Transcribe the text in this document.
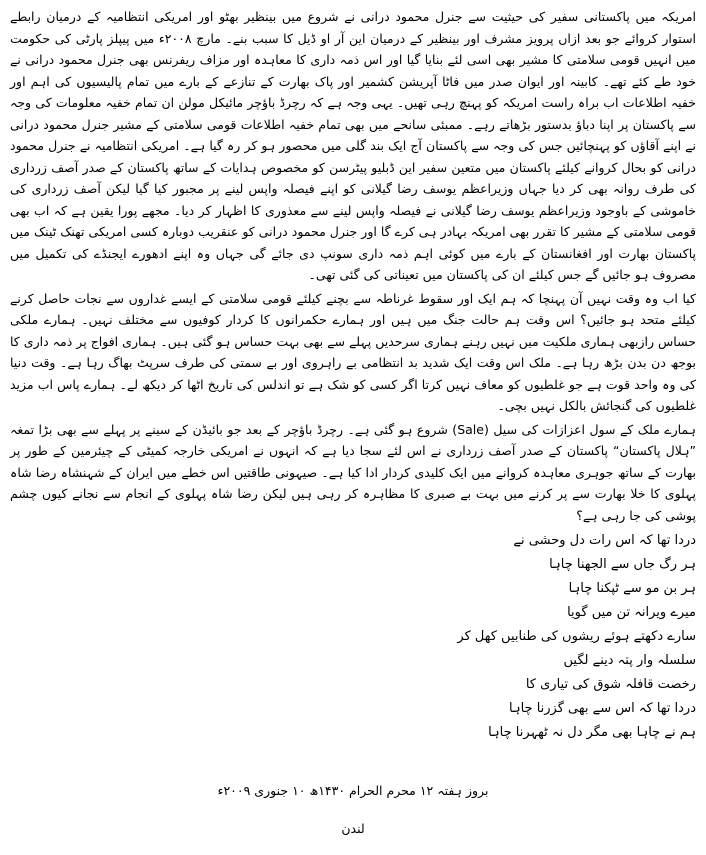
امریکہ میں پاکستانی سفیر کی حیثیت سے جنرل محمود درانی نے شروع میں بینظیر بھٹو اور امریکی انتظامیہ کے درمیان رابطے استوار کروائے جو بعد ازاں پرویز مشرف اور بینظیر کے درمیان این آر او ڈیل کا سبب بنے۔ مارچ ۲۰۰۸ء میں پیپلز پارٹی کی حکومت میں انہیں قومی سلامتی کا مشیر بھی اسی لئے بنایا گیا اور اس ذمہ داری کا معاہدہ اور مزاف ریفرنس بھی جنرل محمود درانی نے خود طے کئے تھے۔ کابینہ اور ایوان صدر میں فاٹا آپریشن کشمیر اور پاک بھارت کے تنازعے کے بارے میں تمام پالیسیوں کی اہم اور خفیہ اطلاعات اب براہ راست امریکہ کو پہنچ رہی تھیں۔ یہی وجہ ہے کہ رچرڈ باؤچر مائیکل مولن ان تمام خفیہ معلومات کی وجہ سے پاکستان پر اپنا دباؤ بدستور بڑھاتے رہے۔ ممبئی سانحے میں بھی تمام خفیہ اطلاعات قومی سلامتی کے مشیر جنرل محمود درانی نے اپنے آقاؤں کو پہنچائیں جس کی وجہ سے پاکستان آج ایک بند گلی میں محصور ہو کر رہ گیا ہے۔ امریکی انتظامیہ نے جنرل محمود درانی کو بحال کروانے کیلئے پاکستان میں متعین سفیر این ڈبلیو پیٹرسن کو مخصوص ہدایات کے ساتھ پاکستان کے صدر آصف زرداری کی طرف روانہ بھی کر دیا جہاں وزیراعظم یوسف رضا گیلانی کو اپنے فیصلہ واپس لینے پر مجبور کیا گیا لیکن آصف زرداری کی خاموشی کے باوجود وزیراعظم یوسف رضا گیلانی نے فیصلہ واپس لینے سے معذوری کا اظہار کر دیا۔ مجھے پورا یقین ہے کہ اب بھی قومی سلامتی کے مشیر کا تقرر بھی امریکہ بہادر ہی کرے گا اور جنرل محمود درانی کو عنقریب دوبارہ کسی امریکی تھنک ٹینک میں پاکستان بھارت اور افغانستان کے بارے میں کوئی اہم ذمہ داری سونپ دی جائے گی جہاں وہ اپنے ادھورے ایجنڈے کی تکمیل میں مصروف ہو جائیں گے جس کیلئے ان کی پاکستان میں تعیناتی کی گئی تھی۔

کیا اب وہ وقت نہیں آن پہنچا کہ ہم ایک اور سقوط غرناطہ سے بچنے کیلئے قومی سلامتی کے ایسے غداروں سے نجات حاصل کرنے کیلئے متحد ہو جائیں؟ اس وقت ہم حالت جنگ میں ہیں اور ہمارے حکمرانوں کا کردار کوفیوں سے مختلف نہیں۔ ہمارے ملکی حساس رازبھی ہماری ملکیت میں نہیں رہنے ہماری سرحدیں پہلے سے بھی بہت حساس ہو گئی ہیں۔ ہماری افواج پر ذمہ داری کا بوجھ دن بدن بڑھ رہا ہے۔ ملک اس وقت ایک شدید بد انتظامی بے راہروی اور بے سمتی کی طرف سرپٹ بھاگ رہا ہے۔ وقت دنیا کی وہ واحد قوت ہے جو غلطیوں کو معاف نہیں کرتا اگر کسی کو شک ہے تو اندلس کی تاریخ اٹھا کر دیکھ لے۔ ہمارے پاس اب مزید غلطیوں کی گنجائش بالکل نہیں بچی۔

ہمارے ملک کے سول اعزازات کی سیل (Sale) شروع ہو گئی ہے۔ رچرڈ باؤچر کے بعد جو بائیڈن کے سینے پر پہلے سے بھی بڑا تمغہ ”ہلال پاکستان“ پاکستان کے صدر آصف زرداری نے اس لئے سجا دیا ہے کہ انہوں نے امریکی خارجہ کمیٹی کے چیئرمین کے طور پر بھارت کے ساتھ جوہری معاہدہ کروانے میں ایک کلیدی کردار ادا کیا ہے۔ صیہونی طاقتیں اس خطے میں ایران کے شہنشاہ رضا شاہ پہلوی کا خلا بھارت سے پر کرنے میں بہت بے صبری کا مظاہرہ کر رہی ہیں لیکن رضا شاہ پہلوی کے انجام سے نجانے کیوں چشم پوشی کی جا رہی ہے؟

دردا تھا کہ اس رات دل وحشی نے
ہر رگ جاں سے الجھنا چاہا
ہر بن مو سے ٹپکنا چاہا
میرے ویرانہ تن میں گویا
سارے دکھتے ہوئے ریشوں کی طنابیں کھل کر
سلسلہ وار پتہ دینے لگیں
رخصت قافلہ شوق کی تیاری کا
دردا تھا کہ اس سے بھی گزرنا چاہا
ہم نے چاہا بھی مگر دل نہ ٹھہرنا چاہا
بروز ہفتہ ۱۲ محرم الحرام ۱۴۳۰ھ ۱۰ جنوری ۲۰۰۹ء
لندن
